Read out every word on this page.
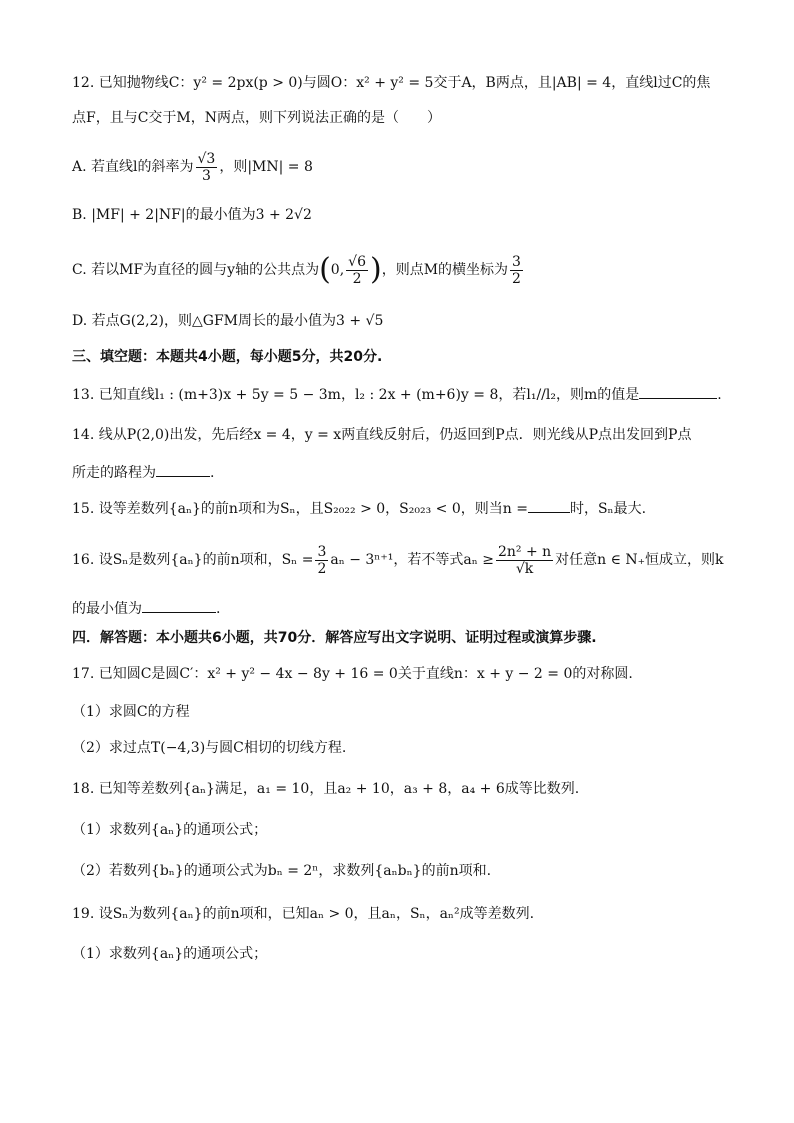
12. 已知抛物线C：y² = 2px(p > 0)与圆O：x² + y² = 5交于A，B两点，且|AB| = 4，直线l过C的焦
点F，且与C交于M，N两点，则下列说法正确的是（　　）
A. 若直线l的斜率为 $\frac{√3}{3}$ ，则|MN| = 8
B. |MF| + 2|NF|的最小值为3 + 2√2
C. 若以MF为直径的圆与y轴的公共点为(0, $\frac{√6}{2}$ )，则点M的横坐标为 $\frac{3}{2}$
D. 若点G(2,2)，则△GFM周长的最小值为3 + √5
三、填空题：本题共4小题，每小题5分，共20分.
13. 已知直线l₁ : (m+3)x + 5y = 5 − 3m，l₂ : 2x + (m+6)y = 8，若l₁//l₂，则m的值是	.
14. 线从P(2,0)出发，先后经x = 4，y = x两直线反射后，仍返回到P点．则光线从P点出发回到P点
所走的路程为	.
15. 设等差数列{aₙ}的前n项和为Sₙ，且S₂₀₂₂ > 0，S₂₀₂₃ < 0，则当n =	时，Sₙ最大.
16. 设Sₙ是数列{aₙ}的前n项和，$S_n = \frac{3}{2}$ aₙ − 3ⁿ⁺¹，若不等式$a_n \ge \frac{\text{2n² + n}}{√k}$ 对任意n ∈ N₊恒成立，则k
的最小值为	.
四．解答题：本小题共6小题，共70分．解答应写出文字说明、证明过程或演算步骤.
17. 已知圆C是圆C′：x² + y² − 4x − 8y + 16 = 0关于直线n：x + y − 2 = 0的对称圆.
（1）求圆C的方程
（2）求过点T(−4,3)与圆C相切的切线方程.
18. 已知等差数列{aₙ}满足，a₁ = 10，且a₂ + 10，a₃ + 8，a₄ + 6成等比数列.
（1）求数列{aₙ}的通项公式；
（2）若数列{bₙ}的通项公式为bₙ = 2ⁿ，求数列{aₙbₙ}的前n项和.
19. 设Sₙ为数列{aₙ}的前n项和，已知aₙ > 0，且aₙ，Sₙ，aₙ²成等差数列.
（1）求数列{aₙ}的通项公式；
